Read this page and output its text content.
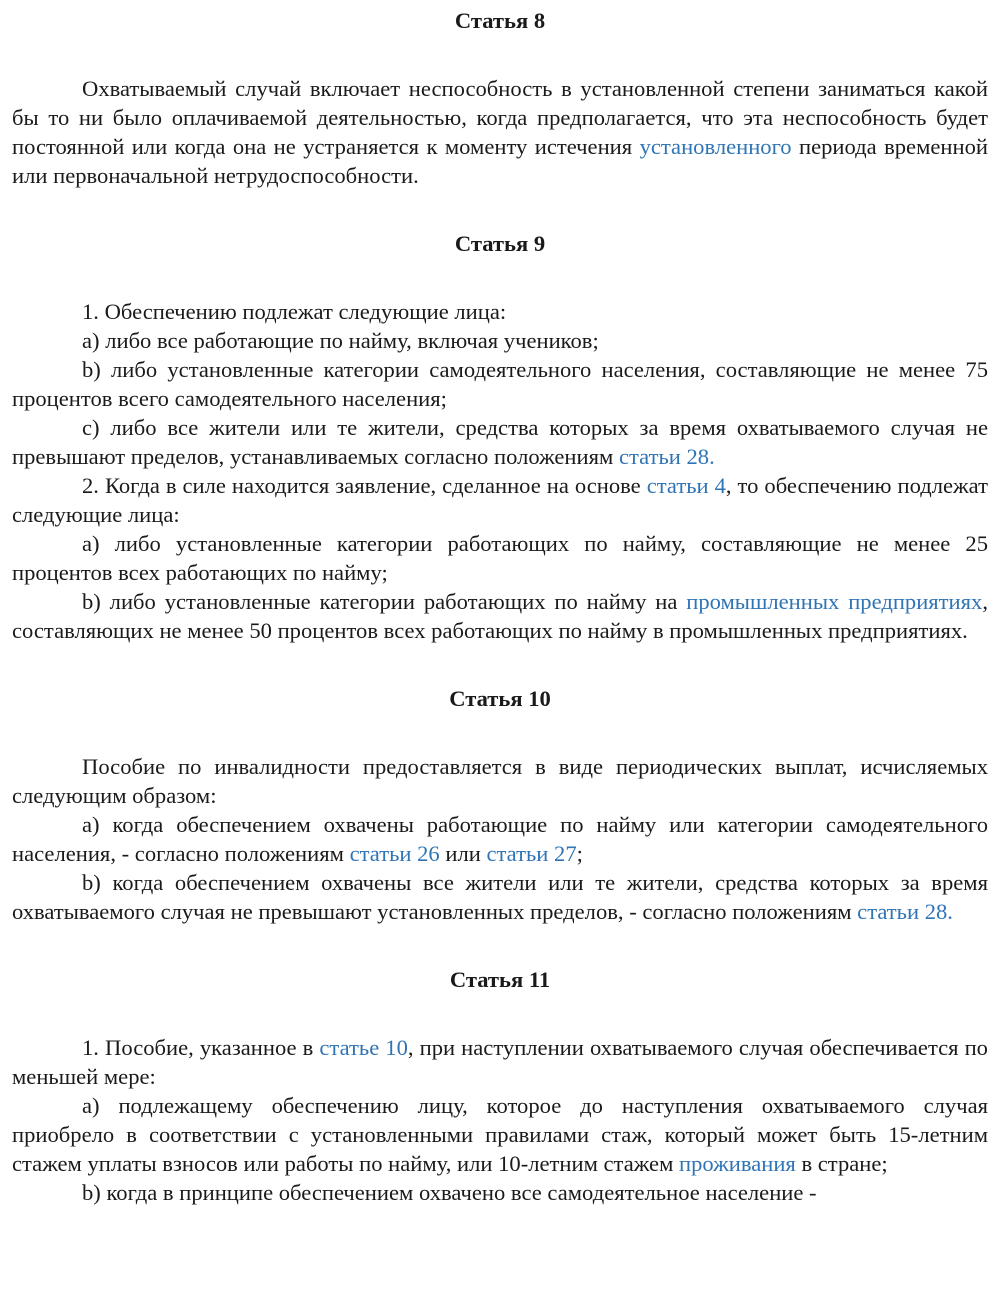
Статья 8

Охватываемый случай включает неспособность в установленной степени заниматься какой бы то ни было оплачиваемой деятельностью, когда предполагается, что эта неспособность будет постоянной или когда она не устраняется к моменту истечения установленного периода временной или первоначальной нетрудоспособности.

Статья 9

1. Обеспечению подлежат следующие лица:

a) либо все работающие по найму, включая учеников;

b) либо установленные категории самодеятельного населения, составляющие не менее 75 процентов всего самодеятельного населения;

c) либо все жители или те жители, средства которых за время охватываемого случая не превышают пределов, устанавливаемых согласно положениям статьи 28.

2. Когда в силе находится заявление, сделанное на основе статьи 4, то обеспечению подлежат следующие лица:

a) либо установленные категории работающих по найму, составляющие не менее 25 процентов всех работающих по найму;

b) либо установленные категории работающих по найму на промышленных предприятиях, составляющих не менее 50 процентов всех работающих по найму в промышленных предприятиях.

Статья 10

Пособие по инвалидности предоставляется в виде периодических выплат, исчисляемых следующим образом:

a) когда обеспечением охвачены работающие по найму или категории самодеятельного населения, - согласно положениям статьи 26 или статьи 27;

b) когда обеспечением охвачены все жители или те жители, средства которых за время охватываемого случая не превышают установленных пределов, - согласно положениям статьи 28.

Статья 11

1. Пособие, указанное в статье 10, при наступлении охватываемого случая обеспечивается по меньшей мере:

a) подлежащему обеспечению лицу, которое до наступления охватываемого случая приобрело в соответствии с установленными правилами стаж, который может быть 15-летним стажем уплаты взносов или работы по найму, или 10-летним стажем проживания в стране;

b) когда в принципе обеспечением охвачено все самодеятельное население -
